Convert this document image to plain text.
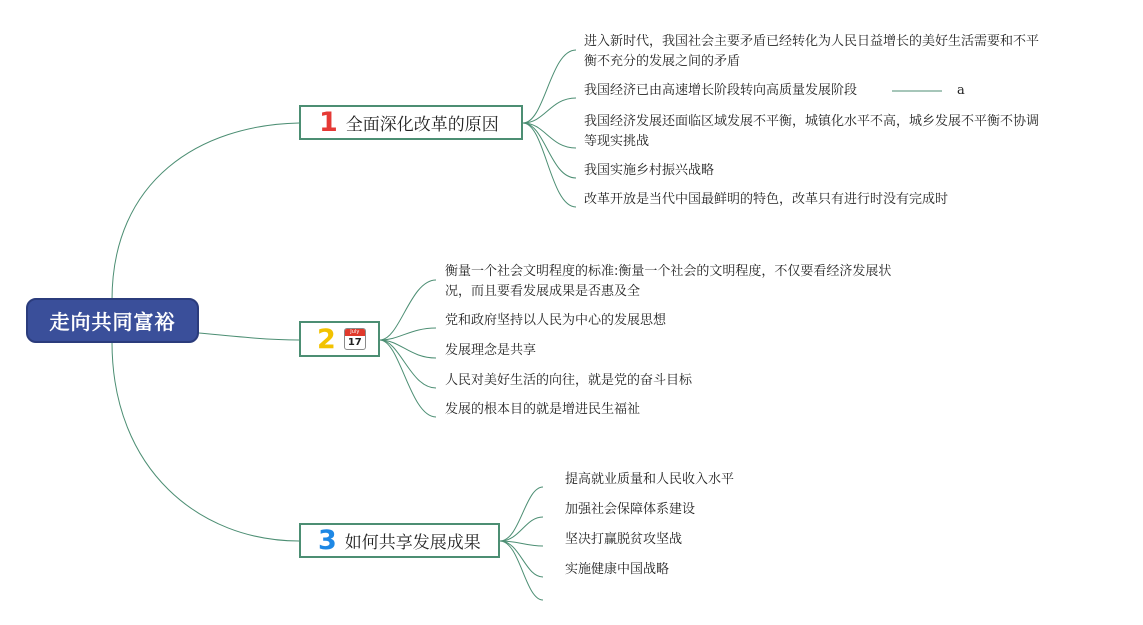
走向共同富裕
1 全面深化改革的原因
2	July
17
3 如何共享发展成果
进入新时代，我国社会主要矛盾已经转化为人民日益增长的美好生活需要和不平
衡不充分的发展之间的矛盾
我国经济已由高速增长阶段转向高质量发展阶段	a
我国经济发展还面临区域发展不平衡，城镇化水平不高，城乡发展不平衡不协调
等现实挑战
我国实施乡村振兴战略
改革开放是当代中国最鲜明的特色，改革只有进行时没有完成时
衡量一个社会文明程度的标准:衡量一个社会的文明程度，不仅要看经济发展状
况，而且要看发展成果是否惠及全
党和政府坚持以人民为中心的发展思想
发展理念是共享
人民对美好生活的向往，就是党的奋斗目标
发展的根本目的就是增进民生福祉
提高就业质量和人民收入水平
加强社会保障体系建设
坚决打赢脱贫攻坚战
实施健康中国战略
